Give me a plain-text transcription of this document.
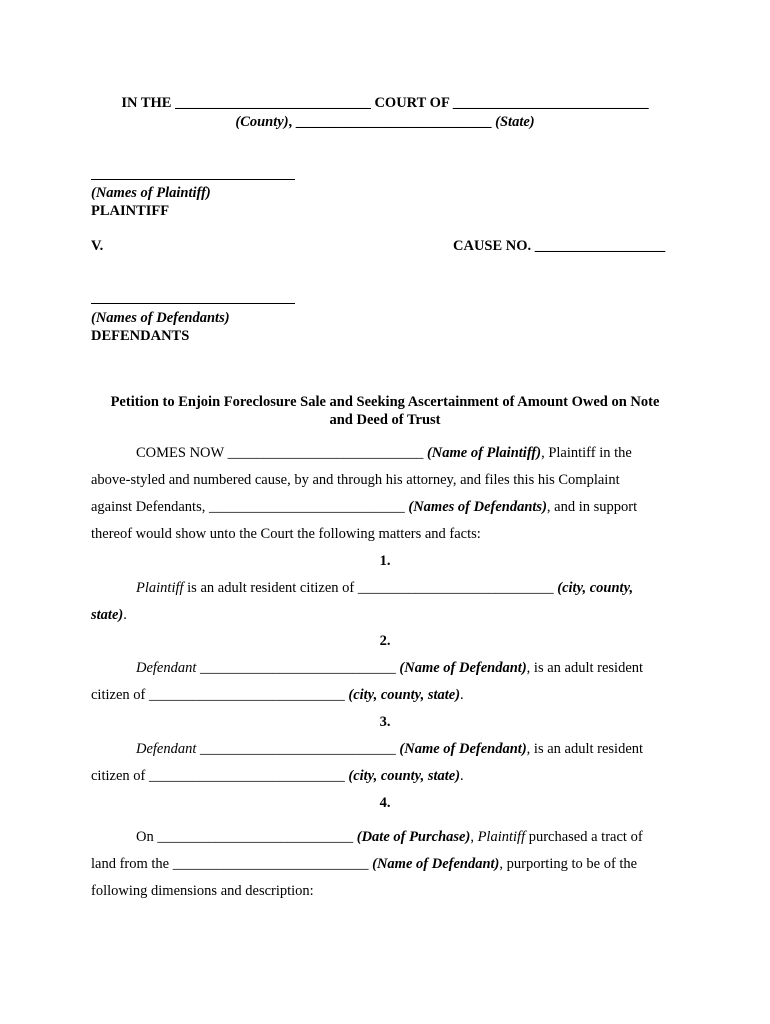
IN THE ___________________________ COURT OF ___________________________
(County), ___________________________ (State)
(Names of Plaintiff)
PLAINTIFF
V.	CAUSE NO. __________________
(Names of Defendants)
DEFENDANTS
Petition to Enjoin Foreclosure Sale and Seeking Ascertainment of Amount Owed on Note
and Deed of Trust
COMES NOW ___________________________ (Name of Plaintiff), Plaintiff in the
above-styled and numbered cause, by and through his attorney, and files this his Complaint
against Defendants, ___________________________ (Names of Defendants), and in support
thereof would show unto the Court the following matters and facts:
1.
Plaintiff is an adult resident citizen of ___________________________ (city, county,
state).
2.
Defendant ___________________________ (Name of Defendant), is an adult resident
citizen of ___________________________ (city, county, state).
3.
Defendant ___________________________ (Name of Defendant), is an adult resident
citizen of ___________________________ (city, county, state).
4.
On ___________________________ (Date of Purchase), Plaintiff purchased a tract of
land from the ___________________________ (Name of Defendant), purporting to be of the
following dimensions and description:
